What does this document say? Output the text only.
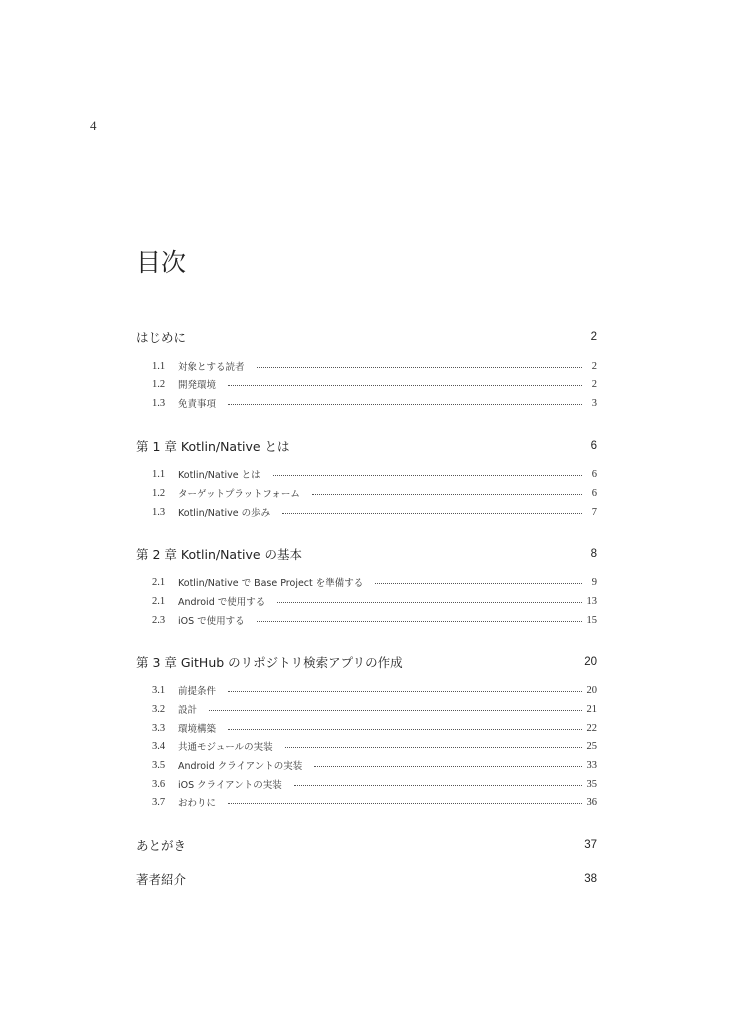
4
目次
はじめに	2
1.1	対象とする読者	2
1.2	開発環境	2
1.3	免責事項	3
第 1 章 Kotlin/Native とは	6
1.1	Kotlin/Native とは	6
1.2	ターゲットプラットフォーム	6
1.3	Kotlin/Native の歩み	7
第 2 章 Kotlin/Native の基本	8
2.1	Kotlin/Native で Base Project を準備する	9
2.1	Android で使用する	13
2.3	iOS で使用する	15
第 3 章 GitHub のリポジトリ検索アプリの作成	20
3.1	前提条件	20
3.2	設計	21
3.3	環境構築	22
3.4	共通モジュールの実装	25
3.5	Android クライアントの実装	33
3.6	iOS クライアントの実装	35
3.7	おわりに	36
あとがき	37
著者紹介	38
